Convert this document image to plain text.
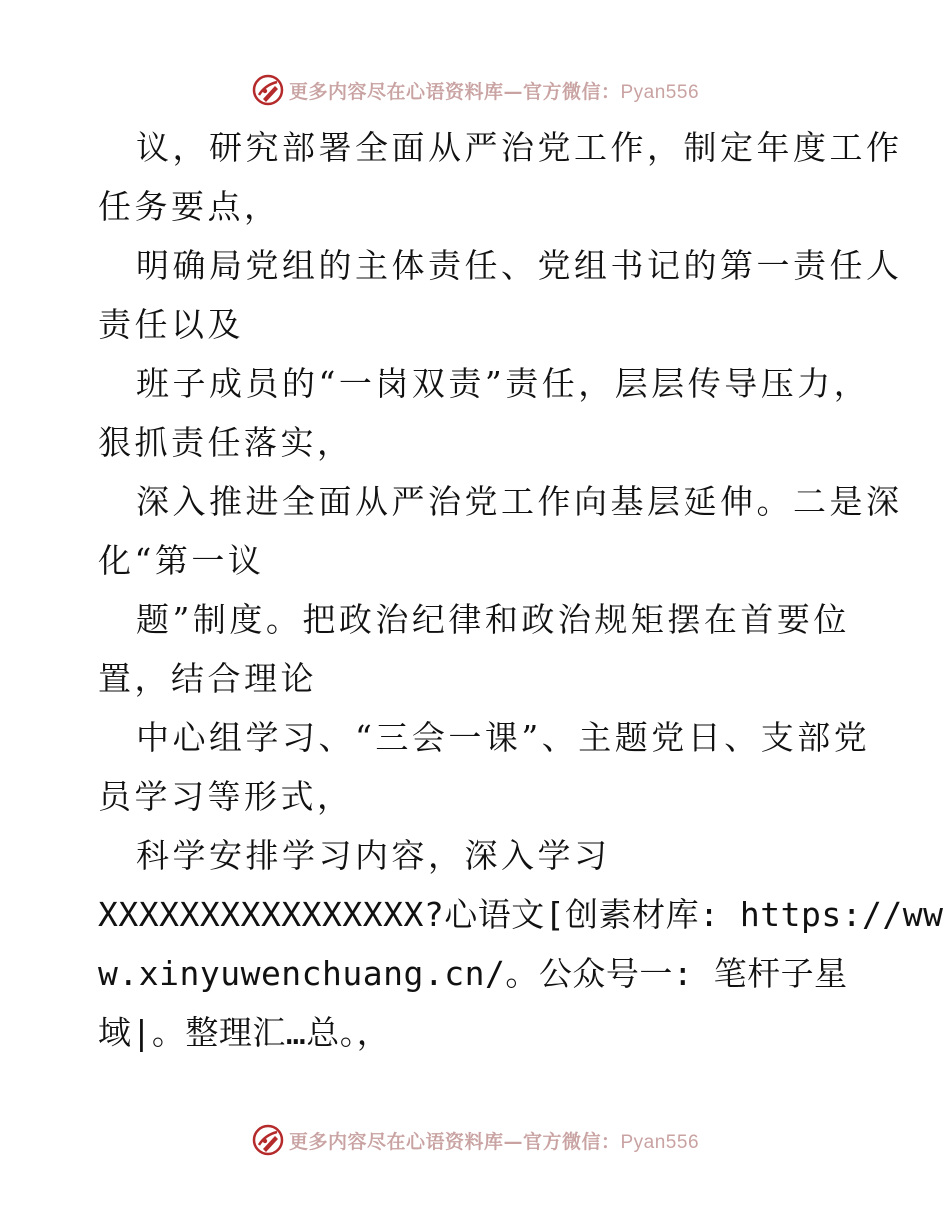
更多内容尽在心语资料库—官方微信：Pyan556
议，研究部署全面从严治党工作，制定年度工作
任务要点，
明确局党组的主体责任、党组书记的第一责任人
责任以及
班子成员的“一岗双责”责任，层层传导压力，
狠抓责任落实，
深入推进全面从严治党工作向基层延伸。二是深
化“第一议
题”制度。把政治纪律和政治规矩摆在首要位
置，结合理论
中心组学习、“三会一课”、主题党日、支部党
员学习等形式，
科学安排学习内容，深入学习
XXXXXXXXXXXXXXXX?心语文[创素材库: https://ww
w.xinyuwenchuang.cn/。公众号一: 笔杆子星
域|。整理汇…总。，
更多内容尽在心语资料库—官方微信：Pyan556
